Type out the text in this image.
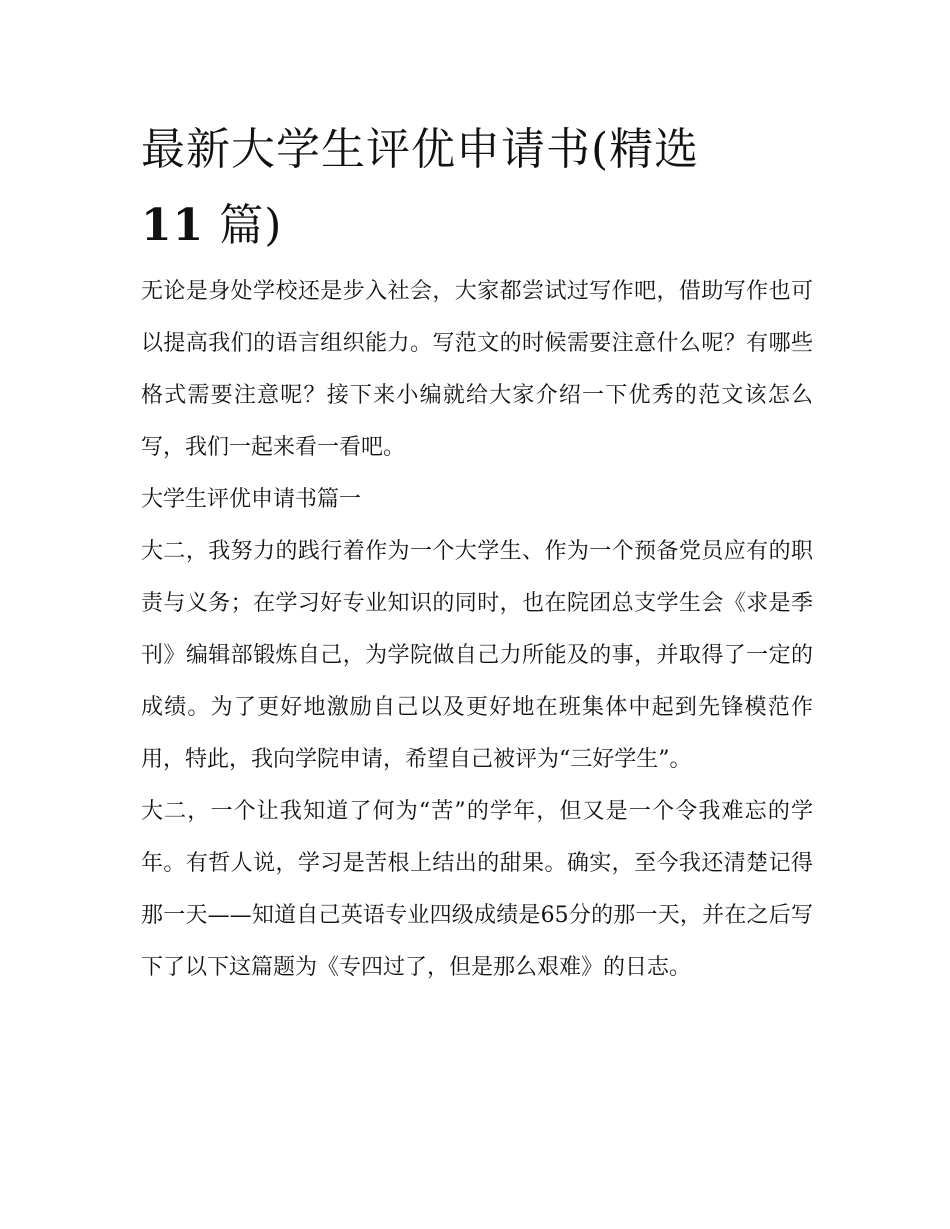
最新大学生评优申请书(精选
11 篇)

无论是身处学校还是步入社会，大家都尝试过写作吧，借助写作也可以提高我们的语言组织能力。写范文的时候需要注意什么呢？有哪些格式需要注意呢？接下来小编就给大家介绍一下优秀的范文该怎么写，我们一起来看一看吧。

大学生评优申请书篇一

大二，我努力的践行着作为一个大学生、作为一个预备党员应有的职责与义务；在学习好专业知识的同时，也在院团总支学生会《求是季刊》编辑部锻炼自己，为学院做自己力所能及的事，并取得了一定的成绩。为了更好地激励自己以及更好地在班集体中起到先锋模范作用，特此，我向学院申请，希望自己被评为“三好学生”。

大二，一个让我知道了何为“苦”的学年，但又是一个令我难忘的学年。有哲人说，学习是苦根上结出的甜果。确实，至今我还清楚记得那一天——知道自己英语专业四级成绩是65分的那一天，并在之后写下了以下这篇题为《专四过了，但是那么艰难》的日志。
